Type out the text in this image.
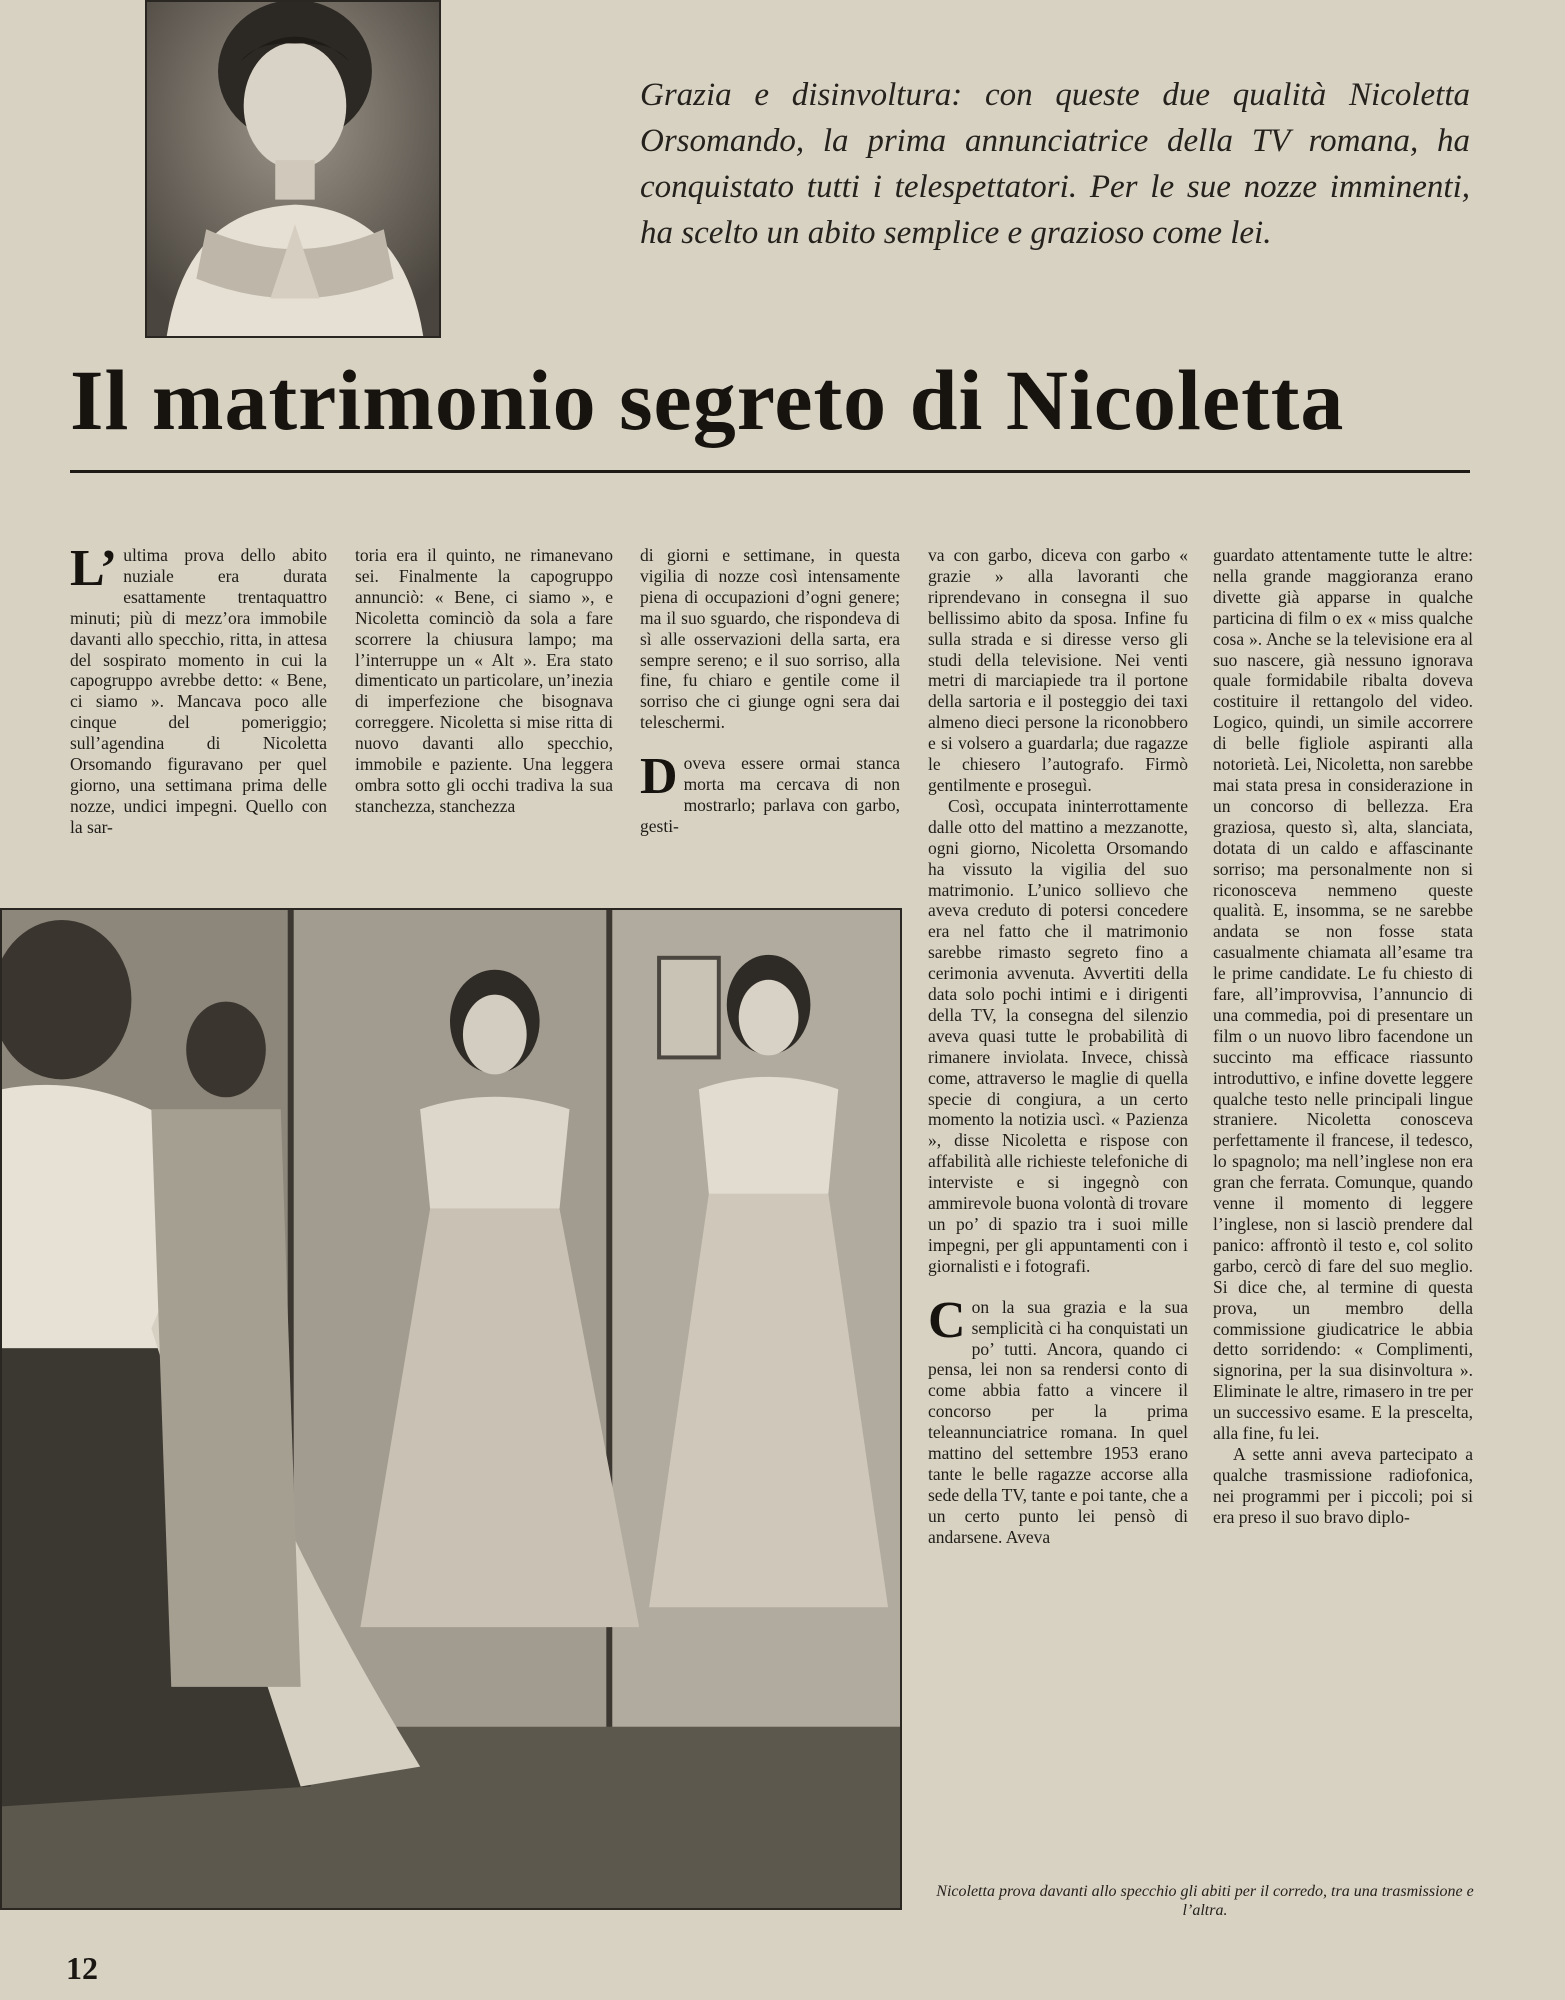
Grazia e disinvoltura: con queste due qualità Nicoletta Orsomando, la prima annunciatrice della TV romana, ha conquistato tutti i telespettatori. Per le sue nozze imminenti, ha scelto un abito semplice e grazioso come lei.
Il matrimonio segreto di Nicoletta

L’ ultima prova dello abito nuziale era durata esattamente trentaquattro minuti; più di mezz’ora immobile davanti allo specchio, ritta, in attesa del sospirato momento in cui la capogruppo avrebbe detto: « Bene, ci siamo ». Mancava poco alle cinque del pomeriggio; sull’agendina di Nicoletta Orsomando figuravano per quel giorno, una settimana prima delle nozze, undici impegni. Quello con la sar-

toria era il quinto, ne rimanevano sei. Finalmente la capogruppo annunciò: « Bene, ci siamo », e Nicoletta cominciò da sola a fare scorrere la chiusura lampo; ma l’interruppe un « Alt ». Era stato dimenticato un particolare, un’inezia di imperfezione che bisognava correggere. Nicoletta si mise ritta di nuovo davanti allo specchio, immobile e paziente. Una leggera ombra sotto gli occhi tradiva la sua stanchezza, stanchezza

di giorni e settimane, in questa vigilia di nozze così intensamente piena di occupazioni d’ogni genere; ma il suo sguardo, che rispondeva di sì alle osservazioni della sarta, era sempre sereno; e il suo sorriso, alla fine, fu chiaro e gentile come il sorriso che ci giunge ogni sera dai teleschermi.

Doveva essere ormai stanca morta ma cercava di non mostrarlo; parlava con garbo, gesti-

va con garbo, diceva con garbo « grazie » alla lavoranti che riprendevano in consegna il suo bellissimo abito da sposa. Infine fu sulla strada e si diresse verso gli studi della televisione. Nei venti metri di marciapiede tra il portone della sartoria e il posteggio dei taxi almeno dieci persone la riconobbero e si volsero a guardarla; due ragazze le chiesero l’autografo. Firmò gentilmente e proseguì.

Così, occupata ininterrottamente dalle otto del mattino a mezzanotte, ogni giorno, Nicoletta Orsomando ha vissuto la vigilia del suo matrimonio. L’unico sollievo che aveva creduto di potersi concedere era nel fatto che il matrimonio sarebbe rimasto segreto fino a cerimonia avvenuta. Avvertiti della data solo pochi intimi e i dirigenti della TV, la consegna del silenzio aveva quasi tutte le probabilità di rimanere inviolata. Invece, chissà come, attraverso le maglie di quella specie di congiura, a un certo momento la notizia uscì. « Pazienza », disse Nicoletta e rispose con affabilità alle richieste telefoniche di interviste e si ingegnò con ammirevole buona volontà di trovare un po’ di spazio tra i suoi mille impegni, per gli appuntamenti con i giornalisti e i fotografi.

Con la sua grazia e la sua semplicità ci ha conquistati un po’ tutti. Ancora, quando ci pensa, lei non sa rendersi conto di come abbia fatto a vincere il concorso per la prima teleannunciatrice romana. In quel mattino del settembre 1953 erano tante le belle ragazze accorse alla sede della TV, tante e poi tante, che a un certo punto lei pensò di andarsene. Aveva

guardato attentamente tutte le altre: nella grande maggioranza erano divette già apparse in qualche particina di film o ex « miss qualche cosa ». Anche se la televisione era al suo nascere, già nessuno ignorava quale formidabile ribalta doveva costituire il rettangolo del video. Logico, quindi, un simile accorrere di belle figliole aspiranti alla notorietà. Lei, Nicoletta, non sarebbe mai stata presa in considerazione in un concorso di bellezza. Era graziosa, questo sì, alta, slanciata, dotata di un caldo e affascinante sorriso; ma personalmente non si riconosceva nemmeno queste qualità. E, insomma, se ne sarebbe andata se non fosse stata casualmente chiamata all’esame tra le prime candidate. Le fu chiesto di fare, all’improvvisa, l’annuncio di una commedia, poi di presentare un film o un nuovo libro facendone un succinto ma efficace riassunto introduttivo, e infine dovette leggere qualche testo nelle principali lingue straniere. Nicoletta conosceva perfettamente il francese, il tedesco, lo spagnolo; ma nell’inglese non era gran che ferrata. Comunque, quando venne il momento di leggere l’inglese, non si lasciò prendere dal panico: affrontò il testo e, col solito garbo, cercò di fare del suo meglio. Si dice che, al termine di questa prova, un membro della commissione giudicatrice le abbia detto sorridendo: « Complimenti, signorina, per la sua disinvoltura ». Eliminate le altre, rimasero in tre per un successivo esame. E la prescelta, alla fine, fu lei.

A sette anni aveva partecipato a qualche trasmissione radiofonica, nei programmi per i piccoli; poi si era preso il suo bravo diplo-

Nicoletta prova davanti allo specchio gli abiti per il corredo, tra una trasmissione e l’altra.
12
